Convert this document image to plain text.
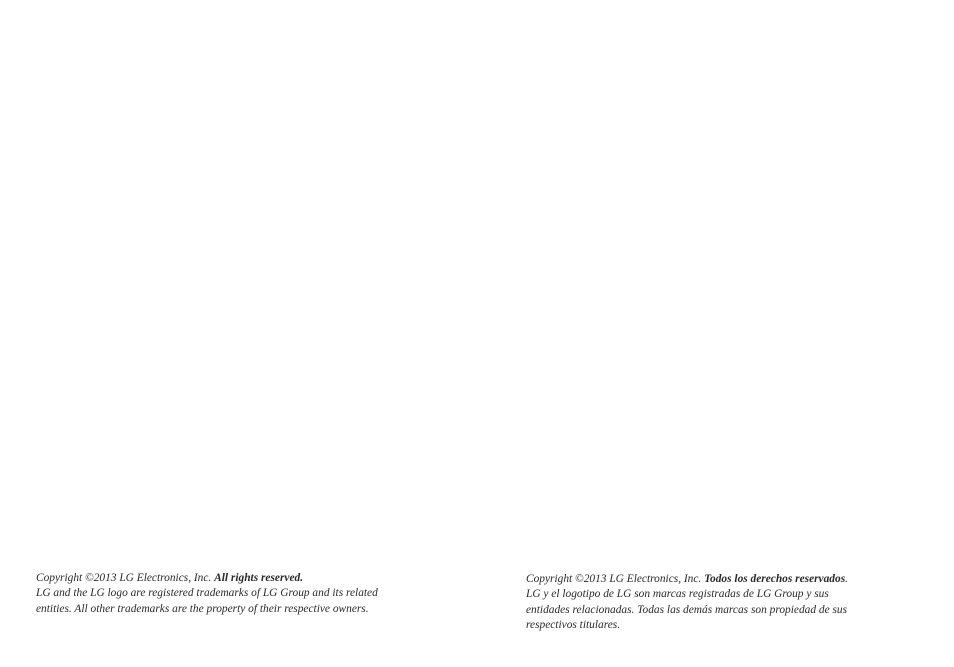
Copyright ©2013 LG Electronics, Inc. All rights reserved.
LG and the LG logo are registered trademarks of LG Group and its related
entities. All other trademarks are the property of their respective owners.
Copyright ©2013 LG Electronics, Inc. Todos los derechos reservados.
LG y el logotipo de LG son marcas registradas de LG Group y sus
entidades relacionadas. Todas las demás marcas son propiedad de sus
respectivos titulares.
